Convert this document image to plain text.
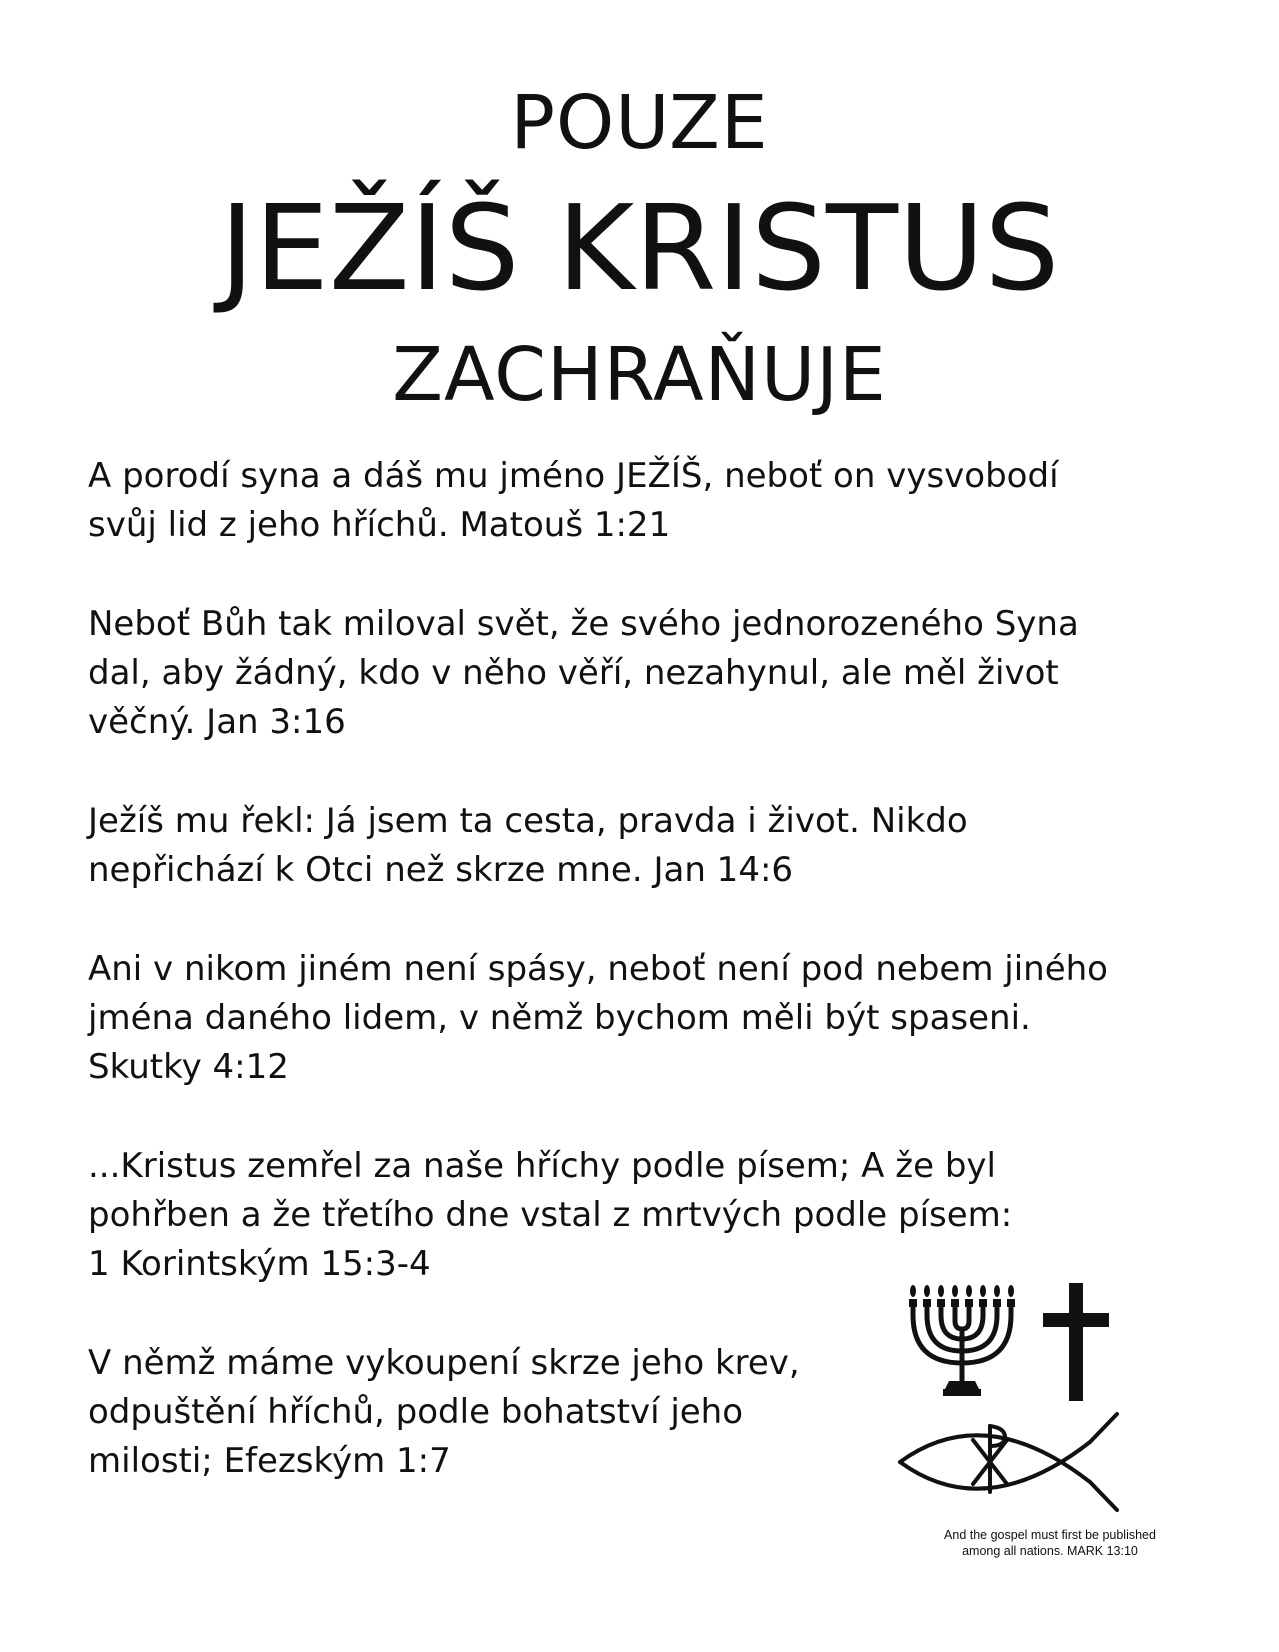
POUZE
JEŽÍŠ KRISTUS
ZACHRAŇUJE

A porodí syna a dáš mu jméno JEŽÍŠ, neboť on vysvobodí
svůj lid z jeho hříchů. Matouš 1:21

Neboť Bůh tak miloval svět, že svého jednorozeného Syna
dal, aby žádný, kdo v něho věří, nezahynul, ale měl život
věčný. Jan 3:16

Ježíš mu řekl: Já jsem ta cesta, pravda i život. Nikdo
nepřichází k Otci než skrze mne. Jan 14:6

Ani v nikom jiném není spásy, neboť není pod nebem jiného
jména daného lidem, v němž bychom měli být spaseni.
Skutky 4:12

...Kristus zemřel za naše hříchy podle písem; A že byl
pohřben a že třetího dne vstal z mrtvých podle písem:
1 Korintským 15:3-4

V němž máme vykoupení skrze jeho krev,
odpuštění hříchů, podle bohatství jeho
milosti; Efezským 1:7

And the gospel must first be published
among all nations. MARK 13:10
